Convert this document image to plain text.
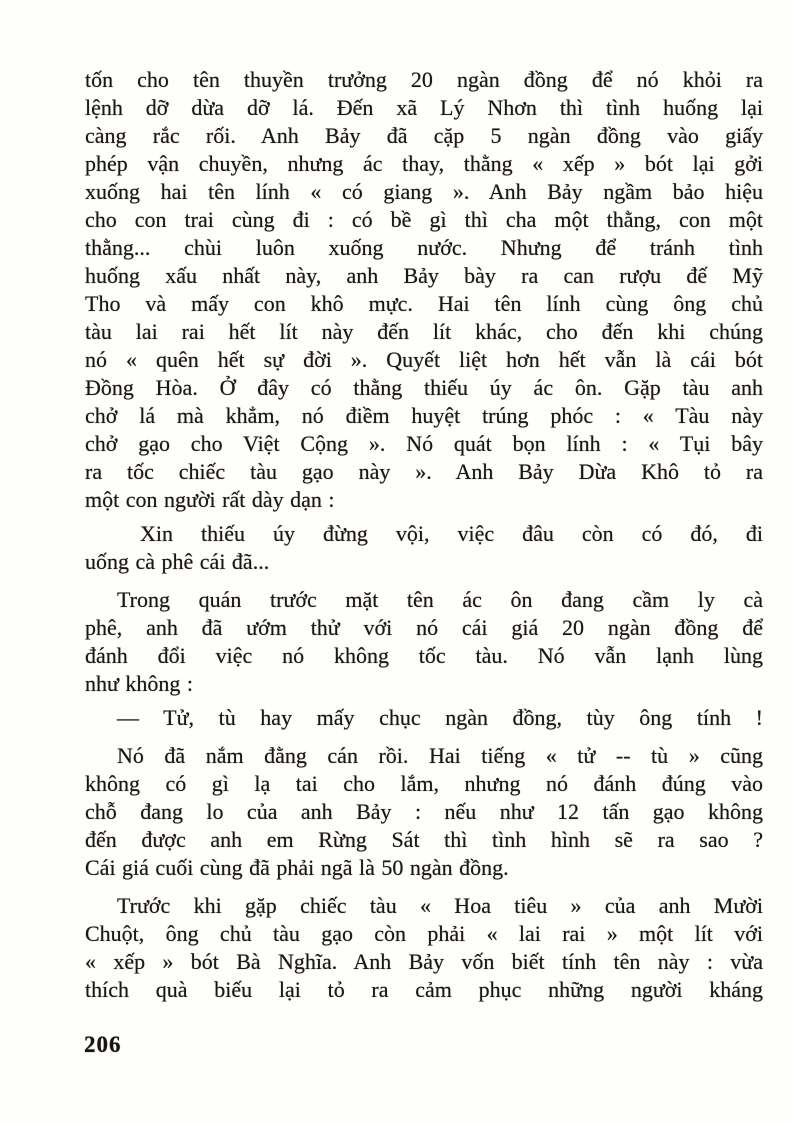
tốn cho tên thuyền trưởng 20 ngàn đồng để nó khỏi ra
lệnh dỡ dừa dỡ lá. Đến xã Lý Nhơn thì tình huống lại
càng rắc rối. Anh Bảy đã cặp 5 ngàn đồng vào giấy
phép vận chuyền, nhưng ác thay, thằng « xếp » bót lại gởi
xuống hai tên lính « có giang ». Anh Bảy ngầm bảo hiệu
cho con trai cùng đi : có bề gì thì cha một thằng, con một
thằng... chùi luôn xuống nước. Nhưng để tránh tình
huống xấu nhất này, anh Bảy bày ra can rượu đế Mỹ
Tho và mấy con khô mực. Hai tên lính cùng ông chủ
tàu lai rai hết lít này đến lít khác, cho đến khi chúng
nó « quên hết sự đời ». Quyết liệt hơn hết vẫn là cái bót
Đồng Hòa. Ở đây có thằng thiếu úy ác ôn. Gặp tàu anh
chở lá mà khẳm, nó điềm huyệt trúng phóc : « Tàu này
chở gạo cho Việt Cộng ». Nó quát bọn lính : « Tụi bây
ra tốc chiếc tàu gạo này ». Anh Bảy Dừa Khô tỏ ra
một con người rất dày dạn :
Xin thiếu úy đừng vội, việc đâu còn có đó, đi
uống cà phê cái đã...
Trong quán trước mặt tên ác ôn đang cầm ly cà
phê, anh đã ướm thử với nó cái giá 20 ngàn đồng để
đánh đổi việc nó không tốc tàu. Nó vẫn lạnh lùng
như không :
— Tử, tù hay mấy chục ngàn đồng, tùy ông tính !
Nó đã nắm đằng cán rồi. Hai tiếng « tử -- tù » cũng
không có gì lạ tai cho lắm, nhưng nó đánh đúng vào
chỗ đang lo của anh Bảy : nếu như 12 tấn gạo không
đến được anh em Rừng Sát thì tình hình sẽ ra sao ?
Cái giá cuối cùng đã phải ngã là 50 ngàn đồng.
Trước khi gặp chiếc tàu « Hoa tiêu » của anh Mười
Chuột, ông chủ tàu gạo còn phải « lai rai » một lít với
« xếp » bót Bà Nghĩa. Anh Bảy vốn biết tính tên này : vừa
thích quà biếu lại tỏ ra cảm phục những người kháng
206
